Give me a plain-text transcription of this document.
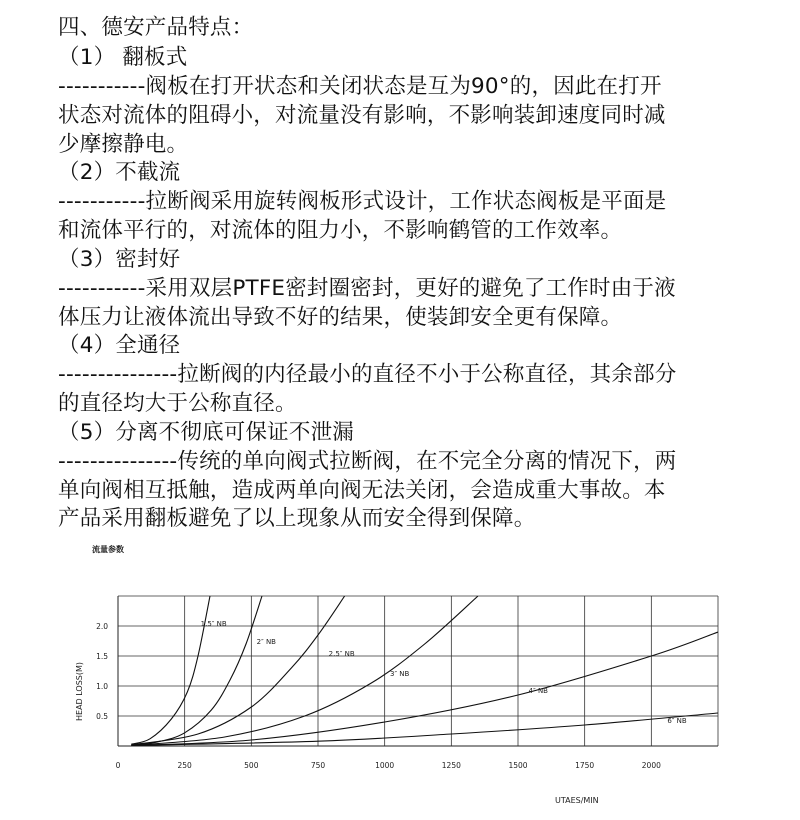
四、德安产品特点：
（1） 翻板式
-----------阀板在打开状态和关闭状态是互为90°的，因此在打开
状态对流体的阻碍小，对流量没有影响，不影响装卸速度同时减
少摩擦静电。
（2）不截流
-----------拉断阀采用旋转阀板形式设计，工作状态阀板是平面是
和流体平行的，对流体的阻力小，不影响鹤管的工作效率。
（3）密封好
-----------采用双层PTFE密封圈密封，更好的避免了工作时由于液
体压力让液体流出导致不好的结果，使装卸安全更有保障。
（4）全通径
---------------拉断阀的内径最小的直径不小于公称直径，其余部分
的直径均大于公称直径。
（5）分离不彻底可保证不泄漏
---------------传统的单向阀式拉断阀，在不完全分离的情况下，两
单向阀相互抵触，造成两单向阀无法关闭，会造成重大事故。本
产品采用翻板避免了以上现象从而安全得到保障。
流量参数
UTAES/MIN
HEAD LOSS(M)
1.5″ NB
2″ NB
2.5″ NB
3″ NB
4″ NB
6″ NB
0	250	500	750	1000	1250	1500	1750	2000
0.5
1.0
1.5
2.0
